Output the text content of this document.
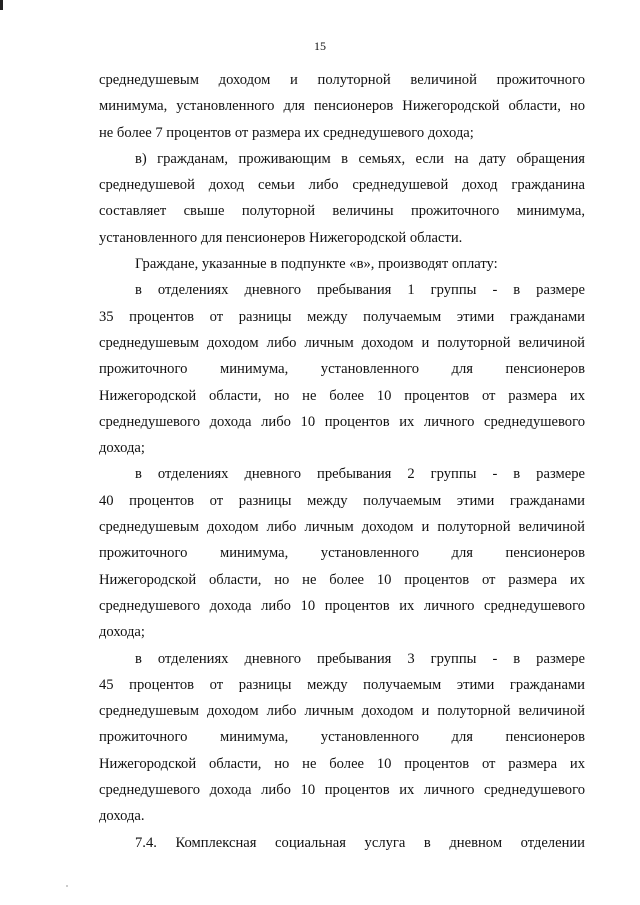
15
среднедушевым доходом и полуторной величиной прожиточного
минимума, установленного для пенсионеров Нижегородской области, но
не более 7 процентов от размера их среднедушевого дохода;
в) гражданам, проживающим в семьях, если на дату обращения
среднедушевой доход семьи либо среднедушевой доход гражданина
составляет свыше полуторной величины прожиточного минимума,
установленного для пенсионеров Нижегородской области.
Граждане, указанные в подпункте «в», производят оплату:
в отделениях дневного пребывания 1 группы - в размере
35 процентов от разницы между получаемым этими гражданами
среднедушевым доходом либо личным доходом и полуторной величиной
прожиточного минимума, установленного для пенсионеров
Нижегородской области, но не более 10 процентов от размера их
среднедушевого дохода либо 10 процентов их личного среднедушевого
дохода;
в отделениях дневного пребывания 2 группы - в размере
40 процентов от разницы между получаемым этими гражданами
среднедушевым доходом либо личным доходом и полуторной величиной
прожиточного минимума, установленного для пенсионеров
Нижегородской области, но не более 10 процентов от размера их
среднедушевого дохода либо 10 процентов их личного среднедушевого
дохода;
в отделениях дневного пребывания 3 группы - в размере
45 процентов от разницы между получаемым этими гражданами
среднедушевым доходом либо личным доходом и полуторной величиной
прожиточного минимума, установленного для пенсионеров
Нижегородской области, но не более 10 процентов от размера их
среднедушевого дохода либо 10 процентов их личного среднедушевого
дохода.
7.4. Комплексная социальная услуга в дневном отделении
